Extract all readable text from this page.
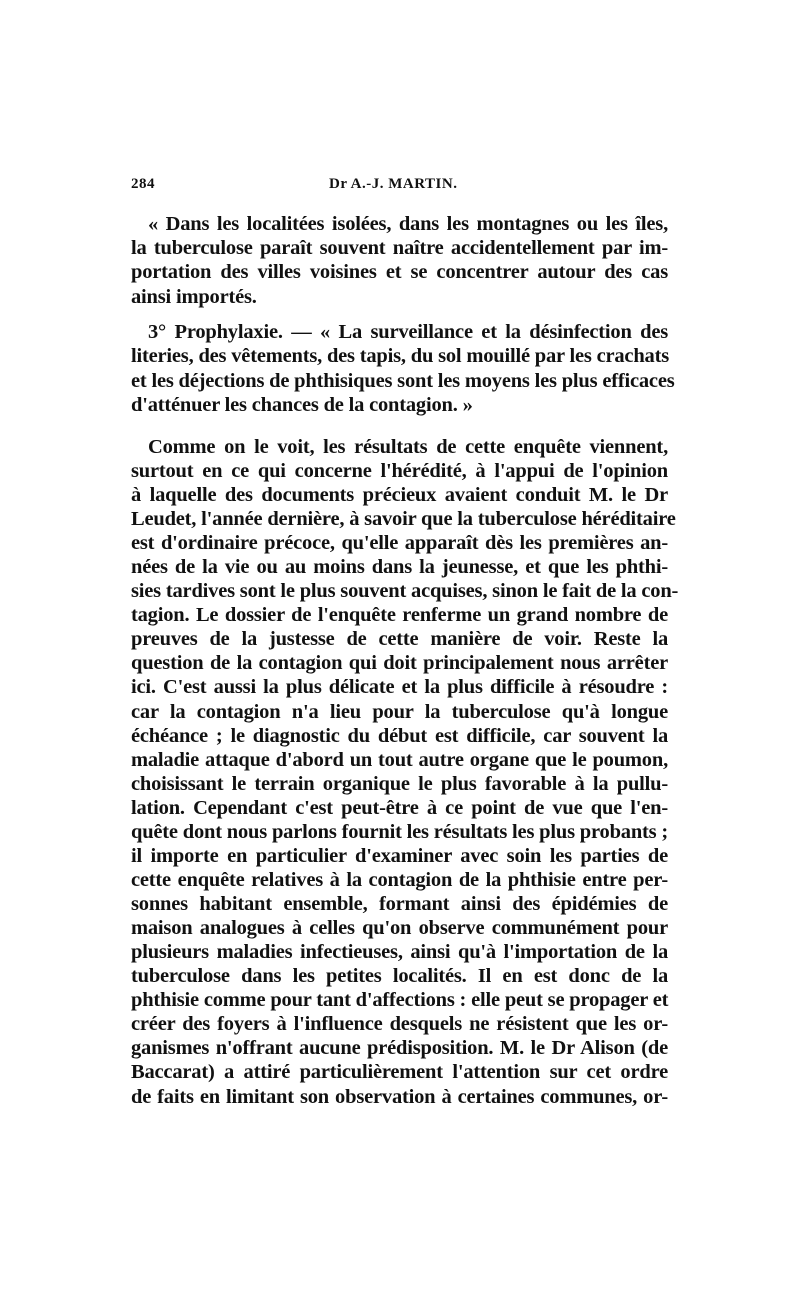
284	Dr A.-J. MARTIN.
« Dans les localitées isolées, dans les montagnes ou les îles,
la tuberculose paraît souvent naître accidentellement par im-
portation des villes voisines et se concentrer autour des cas
ainsi importés.
3° Prophylaxie. — « La surveillance et la désinfection des
literies, des vêtements, des tapis, du sol mouillé par les crachats
et les déjections de phthisiques sont les moyens les plus efficaces
d'atténuer les chances de la contagion. »
Comme on le voit, les résultats de cette enquête viennent,
surtout en ce qui concerne l'hérédité, à l'appui de l'opinion
à laquelle des documents précieux avaient conduit M. le Dr
Leudet, l'année dernière, à savoir que la tuberculose héréditaire
est d'ordinaire précoce, qu'elle apparaît dès les premières an-
nées de la vie ou au moins dans la jeunesse, et que les phthi-
sies tardives sont le plus souvent acquises, sinon le fait de la con-
tagion. Le dossier de l'enquête renferme un grand nombre de
preuves de la justesse de cette manière de voir. Reste la
question de la contagion qui doit principalement nous arrêter
ici. C'est aussi la plus délicate et la plus difficile à résoudre :
car la contagion n'a lieu pour la tuberculose qu'à longue
échéance ; le diagnostic du début est difficile, car souvent la
maladie attaque d'abord un tout autre organe que le poumon,
choisissant le terrain organique le plus favorable à la pullu-
lation. Cependant c'est peut-être à ce point de vue que l'en-
quête dont nous parlons fournit les résultats les plus probants ;
il importe en particulier d'examiner avec soin les parties de
cette enquête relatives à la contagion de la phthisie entre per-
sonnes habitant ensemble, formant ainsi des épidémies de
maison analogues à celles qu'on observe communément pour
plusieurs maladies infectieuses, ainsi qu'à l'importation de la
tuberculose dans les petites localités. Il en est donc de la
phthisie comme pour tant d'affections : elle peut se propager et
créer des foyers à l'influence desquels ne résistent que les or-
ganismes n'offrant aucune prédisposition. M. le Dr Alison (de
Baccarat) a attiré particulièrement l'attention sur cet ordre
de faits en limitant son observation à certaines communes, or-
